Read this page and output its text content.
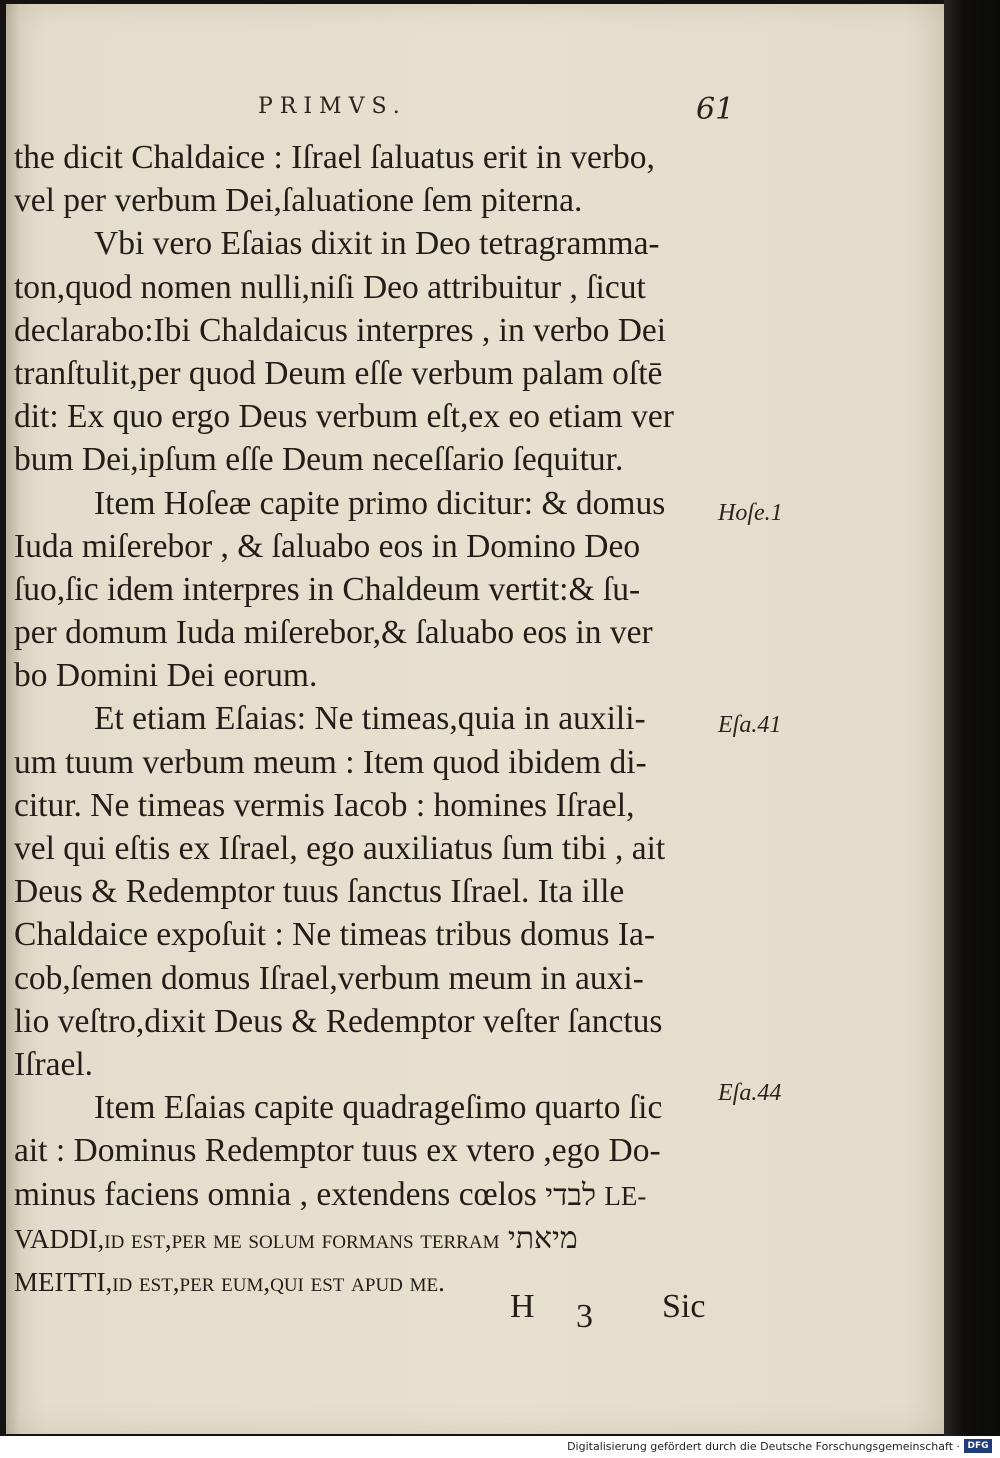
PRIMVS.	61
the dicit Chaldaice : Iſrael ſaluatus erit in verbo,
vel per verbum Dei,ſaluatione ſem piterna.
Vbi vero Eſaias dixit in Deo tetragramma-
ton,quod nomen nulli,niſi Deo attribuitur , ſicut
declarabo:Ibi Chaldaicus interpres , in verbo Dei
tranſtulit,per quod Deum eſſe verbum palam oſtē
dit: Ex quo ergo Deus verbum eſt,ex eo etiam ver
bum Dei,ipſum eſſe Deum neceſſario ſequitur.
Item Hoſeæ capite primo dicitur: & domus
Iuda miſerebor , & ſaluabo eos in Domino Deo
ſuo,ſic idem interpres in Chaldeum vertit:& ſu-
per domum Iuda miſerebor,& ſaluabo eos in ver
bo Domini Dei eorum.
Et etiam Eſaias: Ne timeas,quia in auxili-
um tuum verbum meum : Item quod ibidem di-
citur. Ne timeas vermis Iacob : homines Iſrael,
vel qui eſtis ex Iſrael, ego auxiliatus ſum tibi , ait
Deus & Redemptor tuus ſanctus Iſrael. Ita ille
Chaldaice expoſuit : Ne timeas tribus domus Ia-
cob,ſemen domus Iſrael,verbum meum in auxi-
lio veſtro,dixit Deus & Redemptor veſter ſanctus
Iſrael.
Item Eſaias capite quadrageſimo quarto ſic
ait : Dominus Redemptor tuus ex vtero ,ego Do-
minus faciens omnia , extendens cœlos לבדי LE-
VADDI,id eſt,per me ſolum formans terram מיאתי
MEITTI,id eſt,per eum,qui eſt apud me.
Hoſe.1
Eſa.41
Eſa.44
H 3 Sic
Digitalisierung gefördert durch die Deutsche Forschungsgemeinschaft · DFG
